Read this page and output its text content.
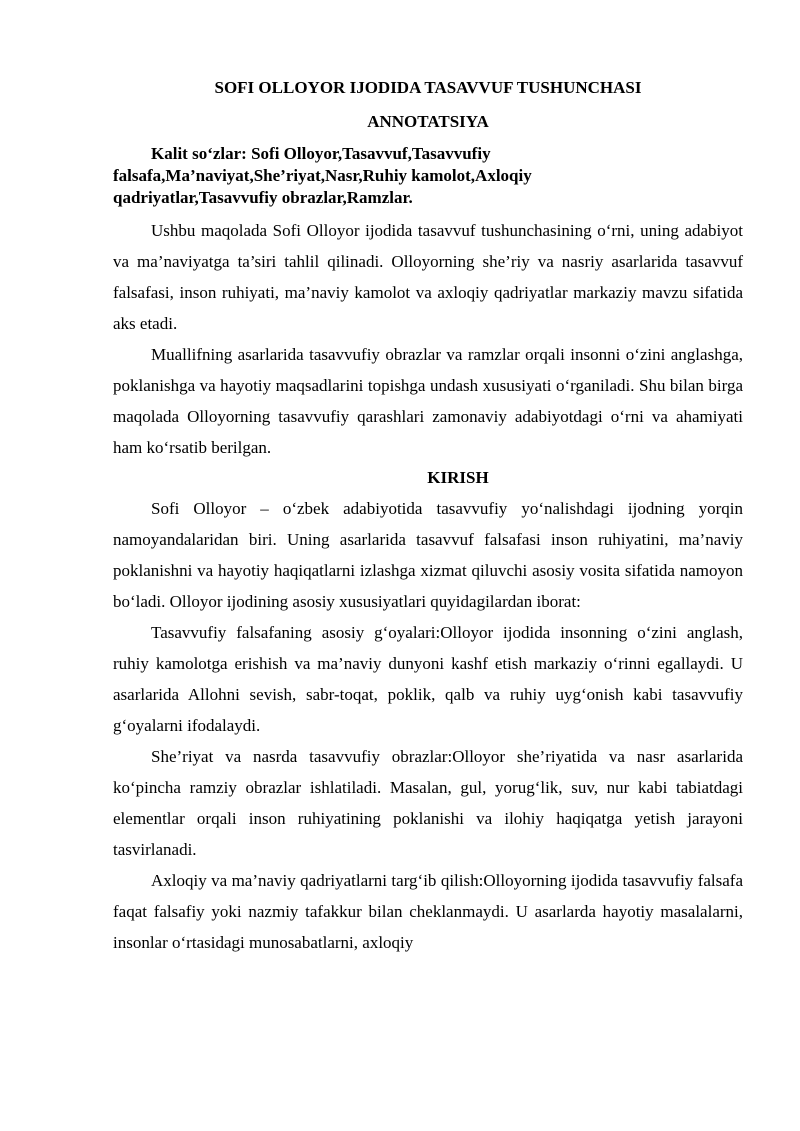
SOFI OLLOYOR IJODIDA TASAVVUF TUSHUNCHASI

ANNOTATSIYA

Kalit so‘zlar: Sofi Olloyor,Tasavvuf,Tasavvufiy falsafa,Ma’naviyat,She’riyat,Nasr,Ruhiy kamolot,Axloqiy qadriyatlar,Tasavvufiy obrazlar,Ramzlar.

Ushbu maqolada Sofi Olloyor ijodida tasavvuf tushunchasining o‘rni, uning adabiyot va ma’naviyatga ta’siri tahlil qilinadi. Olloyorning she’riy va nasriy asarlarida tasavvuf falsafasi, inson ruhiyati, ma’naviy kamolot va axloqiy qadriyatlar markaziy mavzu sifatida aks etadi.

Muallifning asarlarida tasavvufiy obrazlar va ramzlar orqali insonni o‘zini anglashga, poklanishga va hayotiy maqsadlarini topishga undash xususiyati o‘rganiladi. Shu bilan birga maqolada Olloyorning tasavvufiy qarashlari zamonaviy adabiyotdagi o‘rni va ahamiyati ham ko‘rsatib berilgan.

KIRISH

Sofi Olloyor – o‘zbek adabiyotida tasavvufiy yo‘nalishdagi ijodning yorqin namoyandalaridan biri. Uning asarlarida tasavvuf falsafasi inson ruhiyatini, ma’naviy poklanishni va hayotiy haqiqatlarni izlashga xizmat qiluvchi asosiy vosita sifatida namoyon bo‘ladi. Olloyor ijodining asosiy xususiyatlari quyidagilardan iborat:

Tasavvufiy falsafaning asosiy g‘oyalari:Olloyor ijodida insonning o‘zini anglash, ruhiy kamolotga erishish va ma’naviy dunyoni kashf etish markaziy o‘rinni egallaydi. U asarlarida Allohni sevish, sabr-toqat, poklik, qalb va ruhiy uyg‘onish kabi tasavvufiy g‘oyalarni ifodalaydi.

She’riyat va nasrda tasavvufiy obrazlar:Olloyor she’riyatida va nasr asarlarida ko‘pincha ramziy obrazlar ishlatiladi. Masalan, gul, yorug‘lik, suv, nur kabi tabiatdagi elementlar orqali inson ruhiyatining poklanishi va ilohiy haqiqatga yetish jarayoni tasvirlanadi.

Axloqiy va ma’naviy qadriyatlarni targ‘ib qilish:Olloyorning ijodida tasavvufiy falsafa faqat falsafiy yoki nazmiy tafakkur bilan cheklanmaydi. U asarlarda hayotiy masalalarni, insonlar o‘rtasidagi munosabatlarni, axloqiy
